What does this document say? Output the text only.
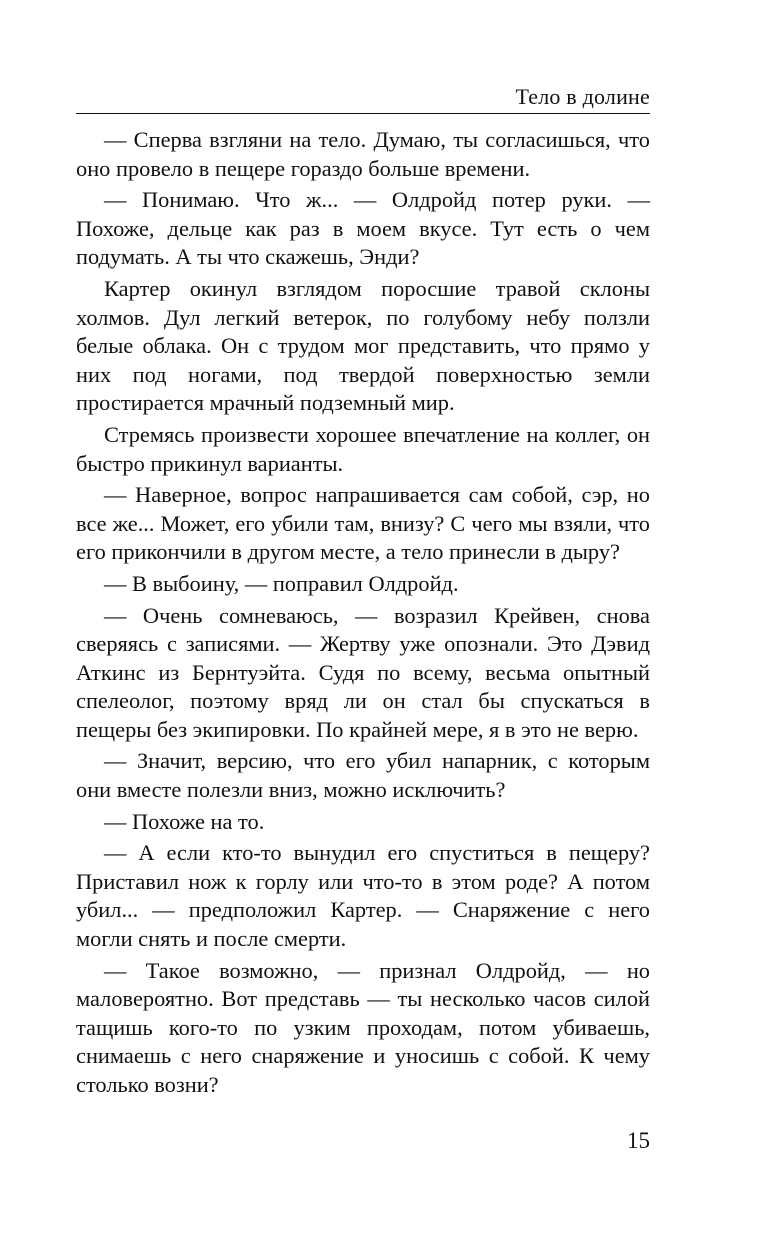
Тело в долине

— Сперва взгляни на тело. Думаю, ты согласишься, что оно провело в пещере гораздо больше времени.

— Понимаю. Что ж... — Олдройд потер руки. — Похоже, дельце как раз в моем вкусе. Тут есть о чем подумать. А ты что скажешь, Энди?

Картер окинул взглядом поросшие травой склоны холмов. Дул легкий ветерок, по голубому небу ползли белые облака. Он с трудом мог представить, что прямо у них под ногами, под твердой поверхностью земли простирается мрачный подземный мир.

Стремясь произвести хорошее впечатление на коллег, он быстро прикинул варианты.

— Наверное, вопрос напрашивается сам собой, сэр, но все же... Может, его убили там, внизу? С чего мы взяли, что его прикончили в другом месте, а тело принесли в дыру?

— В выбоину, — поправил Олдройд.

— Очень сомневаюсь, — возразил Крейвен, снова сверяясь с записями. — Жертву уже опознали. Это Дэвид Аткинс из Бернтуэйта. Судя по всему, весьма опытный спелеолог, поэтому вряд ли он стал бы спускаться в пещеры без экипировки. По крайней мере, я в это не верю.

— Значит, версию, что его убил напарник, с которым они вместе полезли вниз, можно исключить?

— Похоже на то.

— А если кто-то вынудил его спуститься в пещеру? Приставил нож к горлу или что-то в этом роде? А потом убил... — предположил Картер. — Снаряжение с него могли снять и после смерти.

— Такое возможно, — признал Олдройд, — но маловероятно. Вот представь — ты несколько часов силой тащишь кого-то по узким проходам, потом убиваешь, снимаешь с него снаряжение и уносишь с собой. К чему столько возни?

15
